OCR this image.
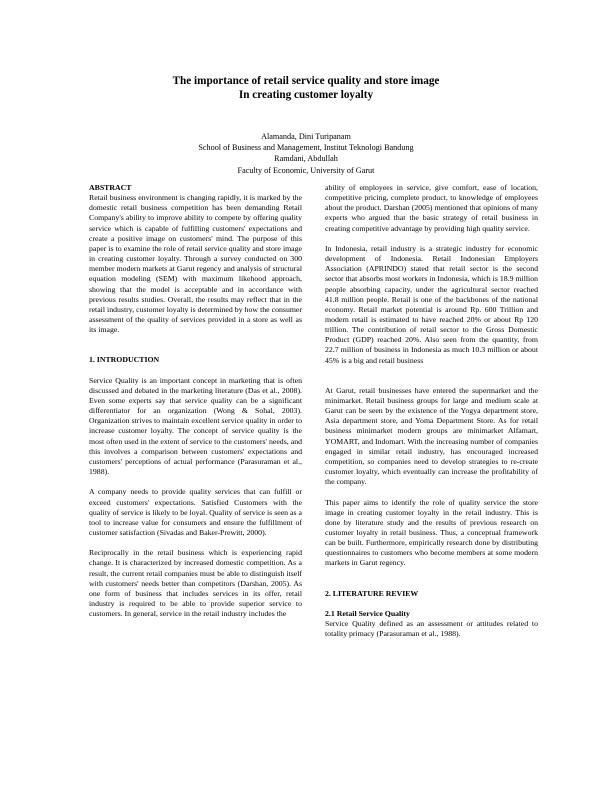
The importance of retail service quality and store image
In creating customer loyalty
Alamanda, Dini Turipanam
School of Business and Management, Institut Teknologi Bandung
Ramdani, Abdullah
Faculty of Economic, University of Garut

ABSTRACT

Retail business environment is changing rapidly, it is marked by the domestic retail business competition has been demanding Retail Company's ability to improve ability to compete by offering quality service which is capable of fulfilling customers' expectations and create a positive image on customers' mind. The purpose of this paper is to examine the role of retail service quality and store image in creating customer loyalty. Through a survey conducted on 300 member modern markets at Garut regency and analysis of structural equation modeling (SEM) with maximum likehood approach, showing that the model is acceptable and in accordance with previous results studies. Overall, the results may reflect that in the retail industry, customer loyalty is determined by how the consumer assessment of the quality of services provided in a store as well as its image.

1. INTRODUCTION

Service Quality is an important concept in marketing that is often discussed and debated in the marketing literature (Das et al., 2008). Even some experts say that service quality can be a significant differentiator for an organization (Wong & Sohal, 2003). Organization strives to maintain excellent service quality in order to increase customer loyalty. The concept of service quality is the most often used in the extent of service to the customers' needs, and this involves a comparison between customers' expectations and customers' perceptions of actual performance (Parasuraman et al., 1988).

A company needs to provide quality services that can fulfill or exceed customers' expectations. Satisfied Customers with the quality of service is likely to be loyal. Quality of service is seen as a tool to increase value for consumers and ensure the fulfillment of customer satisfaction (Sivadas and Baker-Prewitt, 2000).

Reciprocally in the retail business which is experiencing rapid change. It is characterized by increased domestic competition. As a result, the current retail companies must be able to distinguish itself with customers' needs better than competitors (Darshan, 2005). As one form of business that includes services in its offer, retail industry is required to be able to provide superior service to customers. In general, service in the retail industry includes the

ability of employees in service, give comfort, ease of location, competitive pricing, complete product, to knowledge of employees about the product. Darshan (2005) mentioned that opinions of many experts who argued that the basic strategy of retail business in creating competitive advantage by providing high quality service.

In Indonesia, retail industry is a strategic industry for economic development of Indonesia. Retail Indonesian Employers Association (APRINDO) stated that retail sector is the second sector that absorbs most workers in Indonesia, which is 18.9 million people absorbing capacity, under the agricultural sector reached 41.8 million people. Retail is one of the backbones of the national economy. Retail market potential is around Rp. 600 Trillion and modern retail is estimated to have reached 20% or about Rp 120 trillion. The contribution of retail sector to the Gross Domestic Product (GDP) reached 20%. Also seen from the quantity, from 22.7 million of business in Indonesia as much 10.3 million or about 45% is a big and retail business

At Garut, retail businesses have entered the supermarket and the minimarket. Retail business groups for large and medium scale at Garut can be seen by the existence of the Yogya department store, Asia department store, and Yoma Department Store. As for retail business minimarket modern groups are minimarket Alfamart, YOMART, and Indomart. With the increasing number of companies engaged in similar retail industry, has encouraged increased competition, so companies need to develop strategies to re-create customer loyalty, which eventually can increase the profitability of the company.

This paper aims to identify the role of quality service the store image in creating customer loyalty in the retail industry. This is done by literature study and the results of previous research on customer loyalty in retail business. Thus, a conceptual framework can be built. Furthermore, empirically research done by distributing questionnaires to customers who become members at some modern markets in Garut regency.

2. LITERATURE REVIEW

2.1 Retail Service Quality

Service Quality defined as an assessment or attitudes related to totality primacy (Parasuraman et al., 1988).
